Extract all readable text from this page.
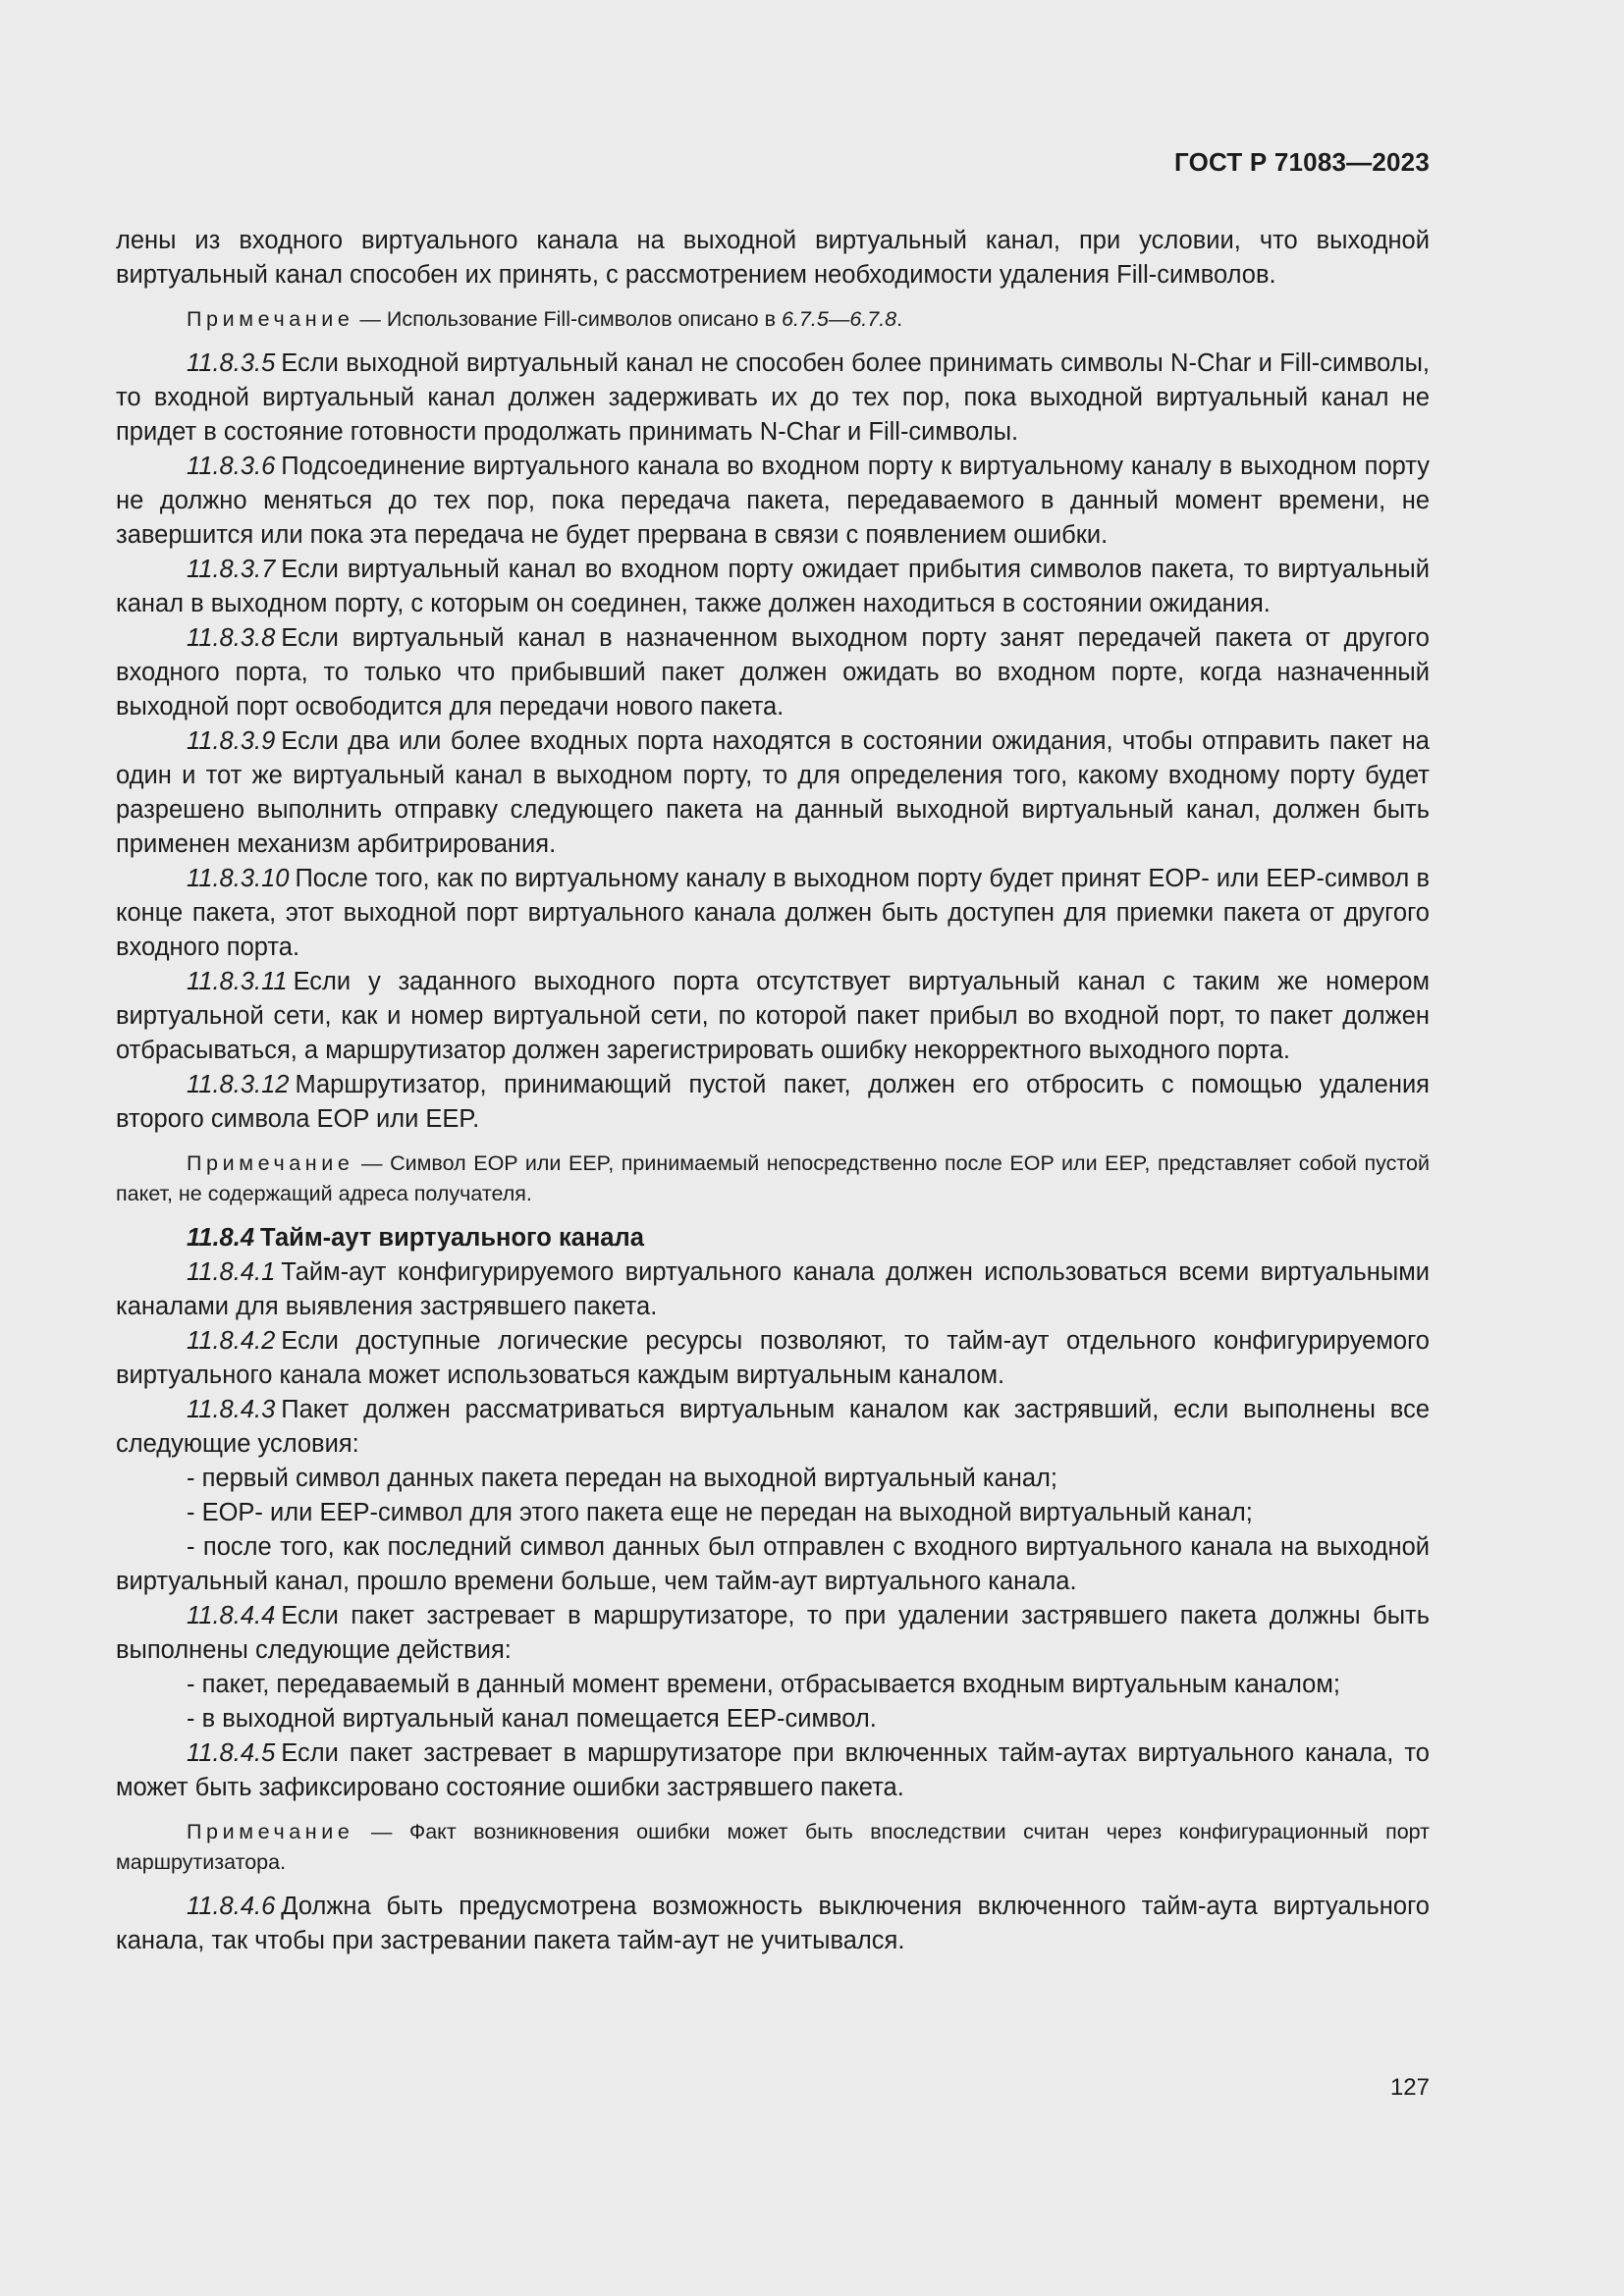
ГОСТ Р 71083—2023

лены из входного виртуального канала на выходной виртуальный канал, при условии, что выходной виртуальный канал способен их принять, с рассмотрением необходимости удаления Fill-символов.

Примечание — Использование Fill-символов описано в 6.7.5—6.7.8.

11.8.3.5 Если выходной виртуальный канал не способен более принимать символы N-Char и Fill-символы, то входной виртуальный канал должен задерживать их до тех пор, пока выходной виртуальный канал не придет в состояние готовности продолжать принимать N-Char и Fill-символы.

11.8.3.6 Подсоединение виртуального канала во входном порту к виртуальному каналу в выходном порту не должно меняться до тех пор, пока передача пакета, передаваемого в данный момент времени, не завершится или пока эта передача не будет прервана в связи с появлением ошибки.

11.8.3.7 Если виртуальный канал во входном порту ожидает прибытия символов пакета, то виртуальный канал в выходном порту, с которым он соединен, также должен находиться в состоянии ожидания.

11.8.3.8 Если виртуальный канал в назначенном выходном порту занят передачей пакета от другого входного порта, то только что прибывший пакет должен ожидать во входном порте, когда назначенный выходной порт освободится для передачи нового пакета.

11.8.3.9 Если два или более входных порта находятся в состоянии ожидания, чтобы отправить пакет на один и тот же виртуальный канал в выходном порту, то для определения того, какому входному порту будет разрешено выполнить отправку следующего пакета на данный выходной виртуальный канал, должен быть применен механизм арбитрирования.

11.8.3.10 После того, как по виртуальному каналу в выходном порту будет принят EOP- или EEP-символ в конце пакета, этот выходной порт виртуального канала должен быть доступен для приемки пакета от другого входного порта.

11.8.3.11 Если у заданного выходного порта отсутствует виртуальный канал с таким же номером виртуальной сети, как и номер виртуальной сети, по которой пакет прибыл во входной порт, то пакет должен отбрасываться, а маршрутизатор должен зарегистрировать ошибку некорректного выходного порта.

11.8.3.12 Маршрутизатор, принимающий пустой пакет, должен его отбросить с помощью удаления второго символа EOP или EEP.

Примечание — Символ EOP или EEP, принимаемый непосредственно после EOP или EEP, представляет собой пустой пакет, не содержащий адреса получателя.

11.8.4 Тайм-аут виртуального канала

11.8.4.1 Тайм-аут конфигурируемого виртуального канала должен использоваться всеми виртуальными каналами для выявления застрявшего пакета.

11.8.4.2 Если доступные логические ресурсы позволяют, то тайм-аут отдельного конфигурируемого виртуального канала может использоваться каждым виртуальным каналом.

11.8.4.3 Пакет должен рассматриваться виртуальным каналом как застрявший, если выполнены все следующие условия:

- первый символ данных пакета передан на выходной виртуальный канал;

- EOP- или EEP-символ для этого пакета еще не передан на выходной виртуальный канал;

- после того, как последний символ данных был отправлен с входного виртуального канала на выходной виртуальный канал, прошло времени больше, чем тайм-аут виртуального канала.

11.8.4.4 Если пакет застревает в маршрутизаторе, то при удалении застрявшего пакета должны быть выполнены следующие действия:

- пакет, передаваемый в данный момент времени, отбрасывается входным виртуальным каналом;

- в выходной виртуальный канал помещается EEP-символ.

11.8.4.5 Если пакет застревает в маршрутизаторе при включенных тайм-аутах виртуального канала, то может быть зафиксировано состояние ошибки застрявшего пакета.

Примечание — Факт возникновения ошибки может быть впоследствии считан через конфигурационный порт маршрутизатора.

11.8.4.6 Должна быть предусмотрена возможность выключения включенного тайм-аута виртуального канала, так чтобы при застревании пакета тайм-аут не учитывался.

127
